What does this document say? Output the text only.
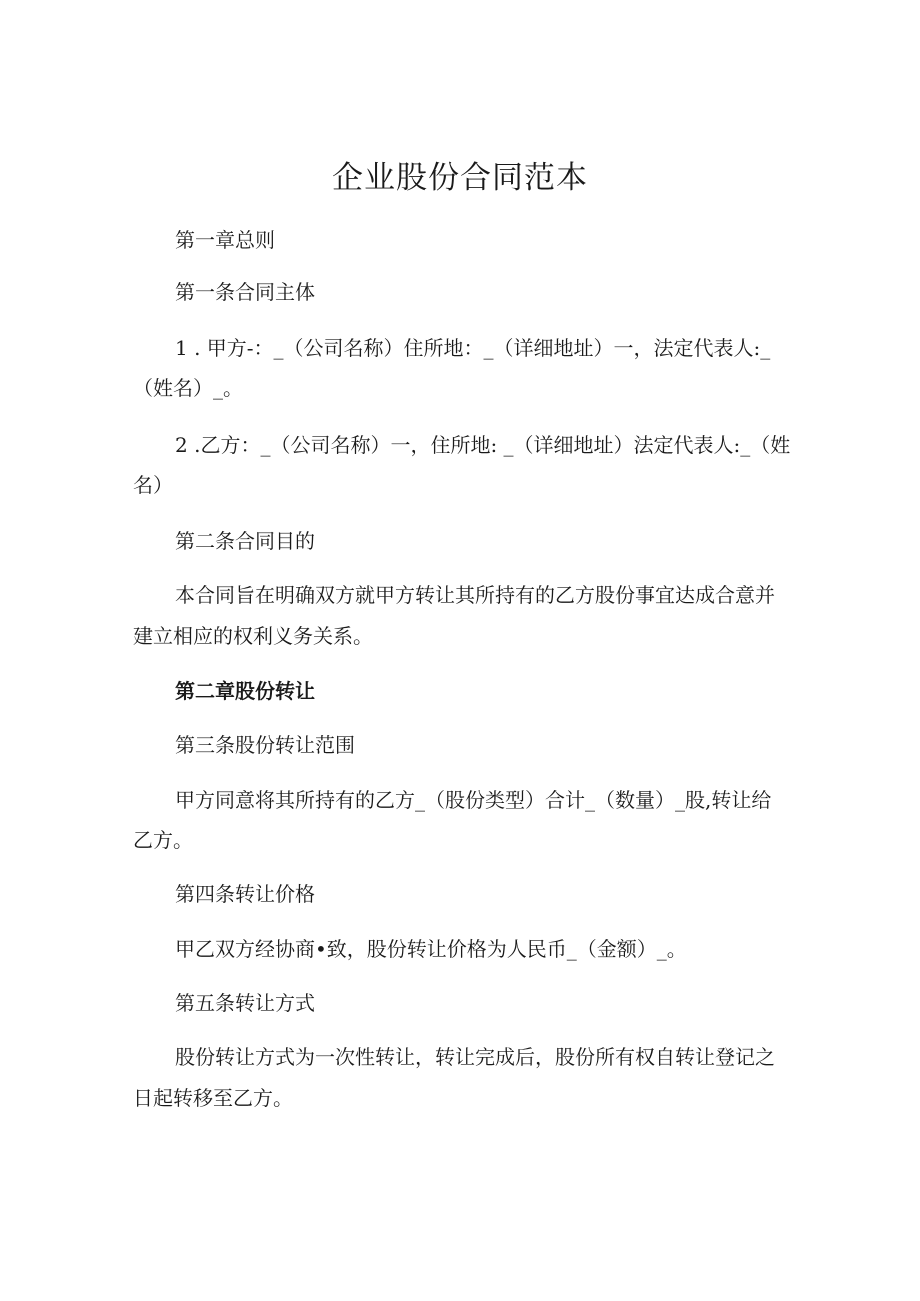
企业股份合同范本

第一章总则

第一条合同主体

1 . 甲方-：_（公司名称）住所地：_（详细地址）一，法定代表人:_

（姓名）_。

2 .乙方：_（公司名称）一，住所地: _（详细地址）法定代表人:_（姓

名）

第二条合同目的

本合同旨在明确双方就甲方转让其所持有的乙方股份事宜达成合意并

建立相应的权利义务关系。

第二章股份转让

第三条股份转让范围

甲方同意将其所持有的乙方_（股份类型）合计_（数量）_股,转让给

乙方。

第四条转让价格

甲乙双方经协商•致，股份转让价格为人民币_（金额）_。

第五条转让方式

股份转让方式为一次性转让，转让完成后，股份所有权自转让登记之

日起转移至乙方。
